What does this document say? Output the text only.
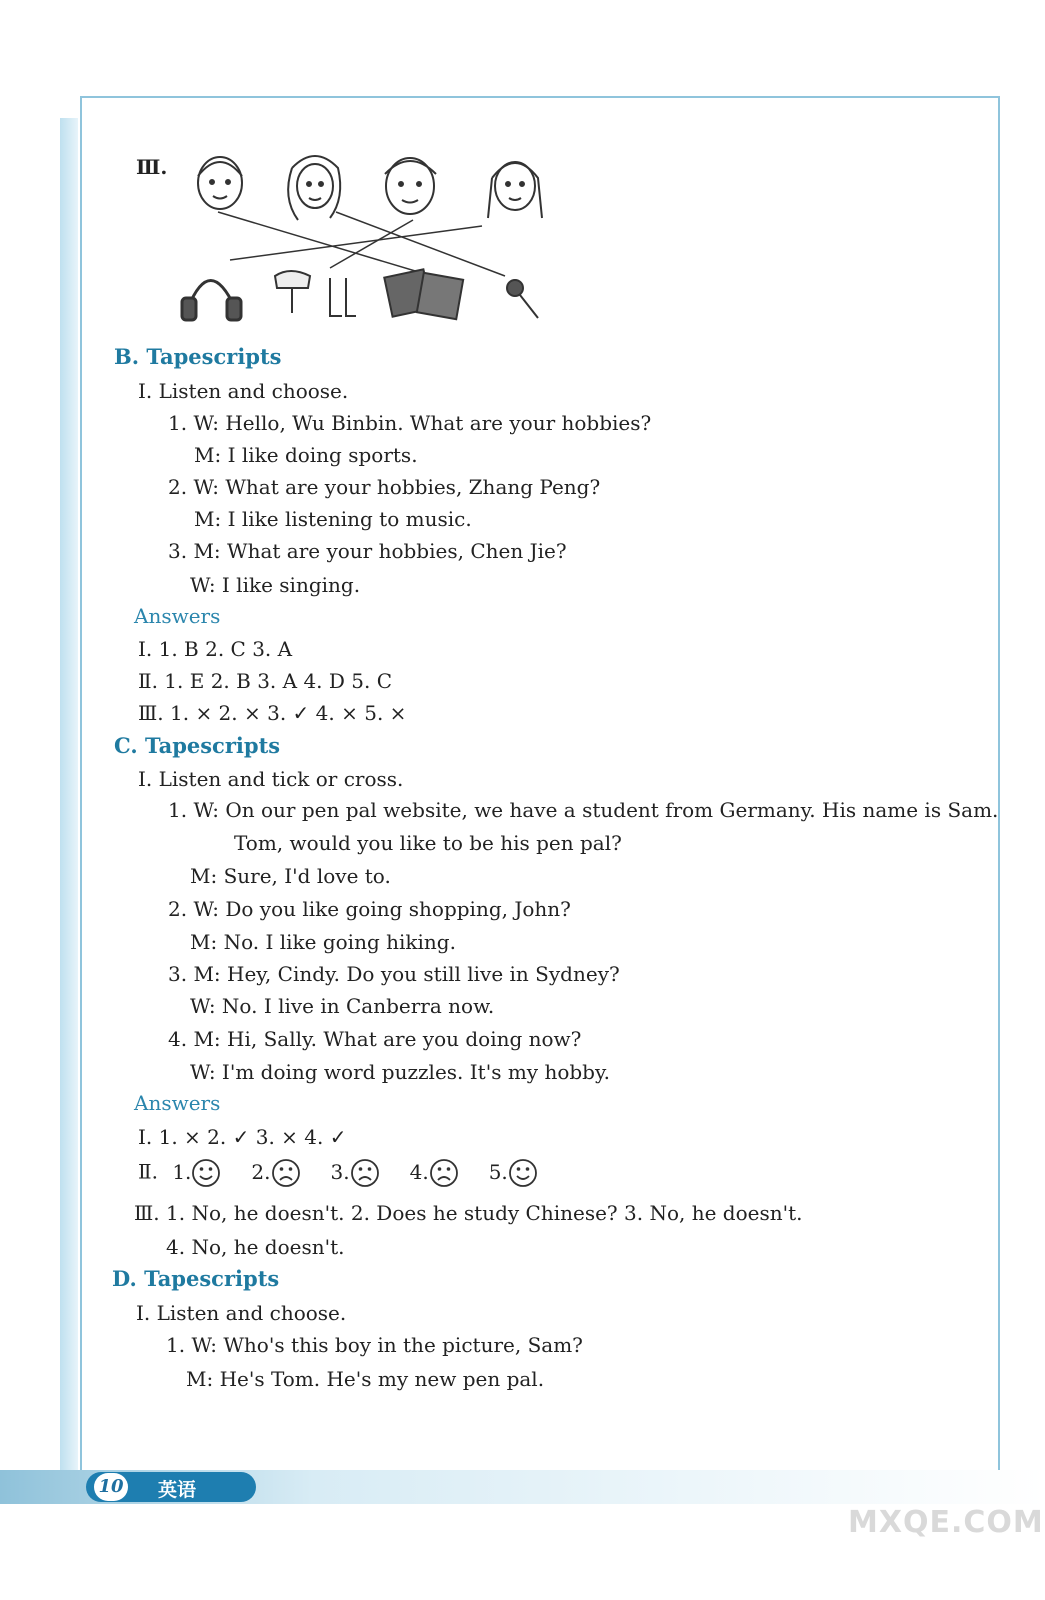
Ⅲ.
B. Tapescripts
Ⅰ. Listen and choose.
1. W: Hello, Wu Binbin. What are your hobbies?
M: I like doing sports.
2. W: What are your hobbies, Zhang Peng?
M: I like listening to music.
3. M: What are your hobbies, Chen Jie?
W: I like singing.
Answers
Ⅰ. 1. B 2. C 3. A
Ⅱ. 1. E 2. B 3. A 4. D 5. C
Ⅲ. 1. × 2. × 3. ✓ 4. × 5. ×
C. Tapescripts
Ⅰ. Listen and tick or cross.
1. W: On our pen pal website, we have a student from Germany. His name is Sam.
Tom, would you like to be his pen pal?
M: Sure, I'd love to.
2. W: Do you like going shopping, John?
M: No. I like going hiking.
3. M: Hey, Cindy. Do you still live in Sydney?
W: No. I live in Canberra now.
4. M: Hi, Sally. What are you doing now?
W: I'm doing word puzzles. It's my hobby.
Answers
Ⅰ. 1. × 2. ✓ 3. × 4. ✓
Ⅱ. 1.	2.	3.	4.	5.
Ⅲ. 1. No, he doesn't. 2. Does he study Chinese? 3. No, he doesn't.
4. No, he doesn't.
D. Tapescripts
Ⅰ. Listen and choose.
1. W: Who's this boy in the picture, Sam?
M: He's Tom. He's my new pen pal.
10 英语
MXQE.COM
